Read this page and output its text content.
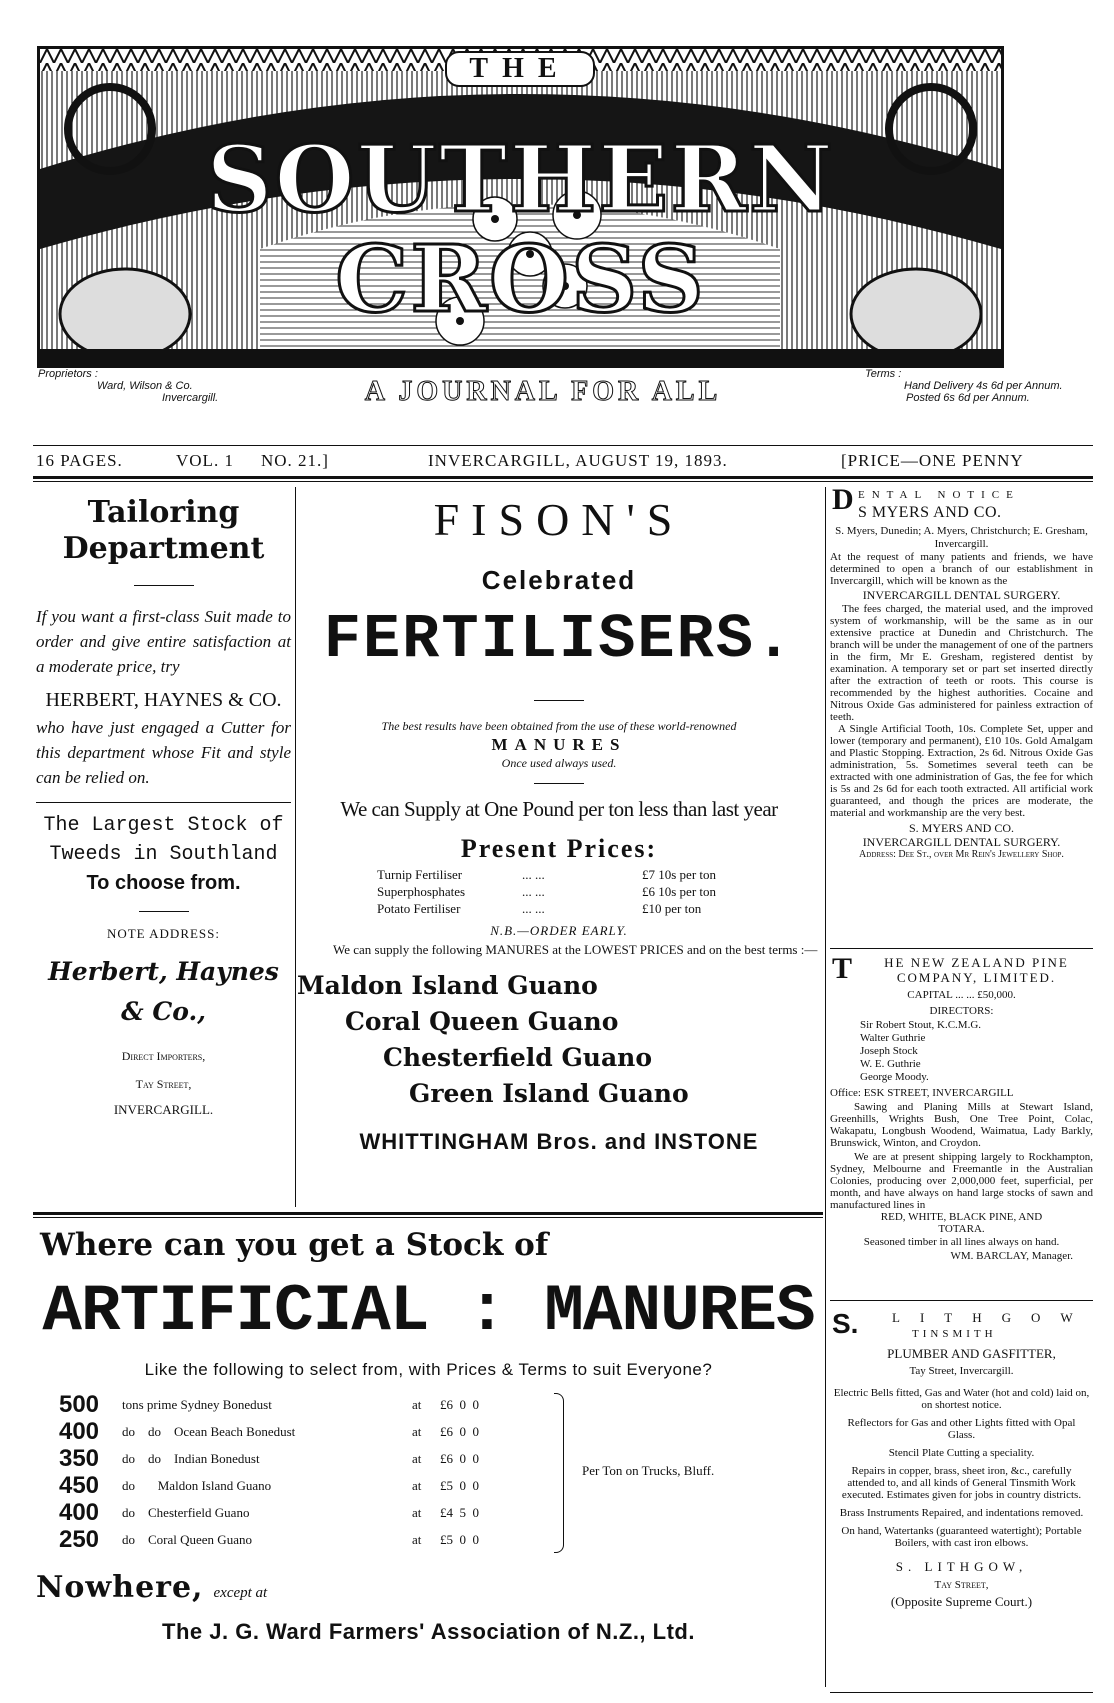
THE
SOUTHERN CROSS
Proprietors :
Ward, Wilson & Co.
Invercargill.	A JOURNAL FOR ALL
Terms :
Hand Delivery 4s 6d per Annum.
Posted 6s 6d per Annum.
16 PAGES.	VOL. 1 NO. 21.]	INVERCARGILL, AUGUST 19, 1893.	[PRICE—ONE PENNY
Tailoring
Department
If you want a first-class Suit made to order and give entire satisfaction at a moderate price, try
HERBERT, HAYNES & CO.
who have just engaged a Cutter for this department whose Fit and style can be relied on.
The Largest Stock of Tweeds in Southland
To choose from.
NOTE ADDRESS:
Herbert, Haynes & Co.,
Direct Importers,
Tay Street,
INVERCARGILL.
FISON'S
Celebrated
FERTILISERS.
The best results have been obtained from the use of these world-renowned
MANURES
Once used always used.
We can Supply at One Pound per ton less than last year
Present Prices:
Turnip Fertiliser	... ...	£7 10s per ton
Superphosphates	... ...	£6 10s per ton
Potato Fertiliser	... ...	£10 per ton
N.B.—ORDER EARLY.
We can supply the following MANURES at the LOWEST PRICES and on the best terms :—
Maldon Island Guano
Coral Queen Guano
Chesterfield Guano
Green Island Guano
WHITTINGHAM Bros. and INSTONE
Where can you get a Stock of
ARTIFICIAL : MANURES
Like the following to select from, with Prices & Terms to suit Everyone?
500	tons prime Sydney Bonedust	at	£6  0  0
400	do    do    Ocean Beach Bonedust	at	£6  0  0
350	do    do    Indian Bonedust	at	£6  0  0
450	do       Maldon Island Guano	at	£5  0  0
400	do    Chesterfield Guano	at	£4  5  0
250	do    Coral Queen Guano	at	£5  0  0
Per Ton on Trucks, Bluff.
Nowhere, except at
The J. G. Ward Farmers' Association of N.Z., Ltd.
D ENTAL NOTICE
S MYERS AND CO.
S. Myers, Dunedin; A. Myers, Christchurch; E. Gresham, Invercargill.
At the request of many patients and friends, we have determined to open a branch of our establishment in Invercargill, which will be known as the
INVERCARGILL DENTAL SURGERY.
The fees charged, the material used, and the improved system of workmanship, will be the same as in our extensive practice at Dunedin and Christchurch. The branch will be under the management of one of the partners in the firm, Mr E. Gresham, registered dentist by examination. A temporary set or part set inserted directly after the extraction of teeth or roots. This course is recommended by the highest authorities. Cocaine and Nitrous Oxide Gas administered for painless extraction of teeth.
A Single Artificial Tooth, 10s. Complete Set, upper and lower (temporary and permanent), £10 10s. Gold Amalgam and Plastic Stopping. Extraction, 2s 6d. Nitrous Oxide Gas administration, 5s. Sometimes several teeth can be extracted with one administration of Gas, the fee for which is 5s and 2s 6d for each tooth extracted. All artificial work guaranteed, and though the prices are moderate, the material and workmanship are the very best.
S. MYERS AND CO.
INVERCARGILL DENTAL SURGERY.
Address: Dee St., over Mr Rein's Jewellery Shop.
T	HE NEW ZEALAND PINE COMPANY, LIMITED.
CAPITAL ... ... £50,000.
DIRECTORS:
Sir Robert Stout, K.C.M.G.
Walter Guthrie
Joseph Stock
W. E. Guthrie
George Moody.
Office: ESK STREET, INVERCARGILL
Sawing and Planing Mills at Stewart Island, Greenhills, Wrights Bush, One Tree Point, Colac, Wakapatu, Longbush Woodend, Waimatua, Lady Barkly, Brunswick, Winton, and Croydon.
We are at present shipping largely to Rockhampton, Sydney, Melbourne and Freemantle in the Australian Colonies, producing over 2,000,000 feet, superficial, per month, and have always on hand large stocks of sawn and manufactured lines in
RED, WHITE, BLACK PINE, AND TOTARA.
Seasoned timber in all lines always on hand.
WM. BARCLAY, Manager.
S.	LITHGOW
TINSMITH
PLUMBER AND GASFITTER,
Tay Street, Invercargill.
Electric Bells fitted, Gas and Water (hot and cold) laid on, on shortest notice.
Reflectors for Gas and other Lights fitted with Opal Glass.
Stencil Plate Cutting a speciality.
Repairs in copper, brass, sheet iron, &c., carefully attended to, and all kinds of General Tinsmith Work executed. Estimates given for jobs in country districts.
Brass Instruments Repaired, and indentations removed.
On hand, Watertanks (guaranteed watertight); Portable Boilers, with cast iron elbows.
S. LITHGOW,
Tay Street,
(Opposite Supreme Court.)
